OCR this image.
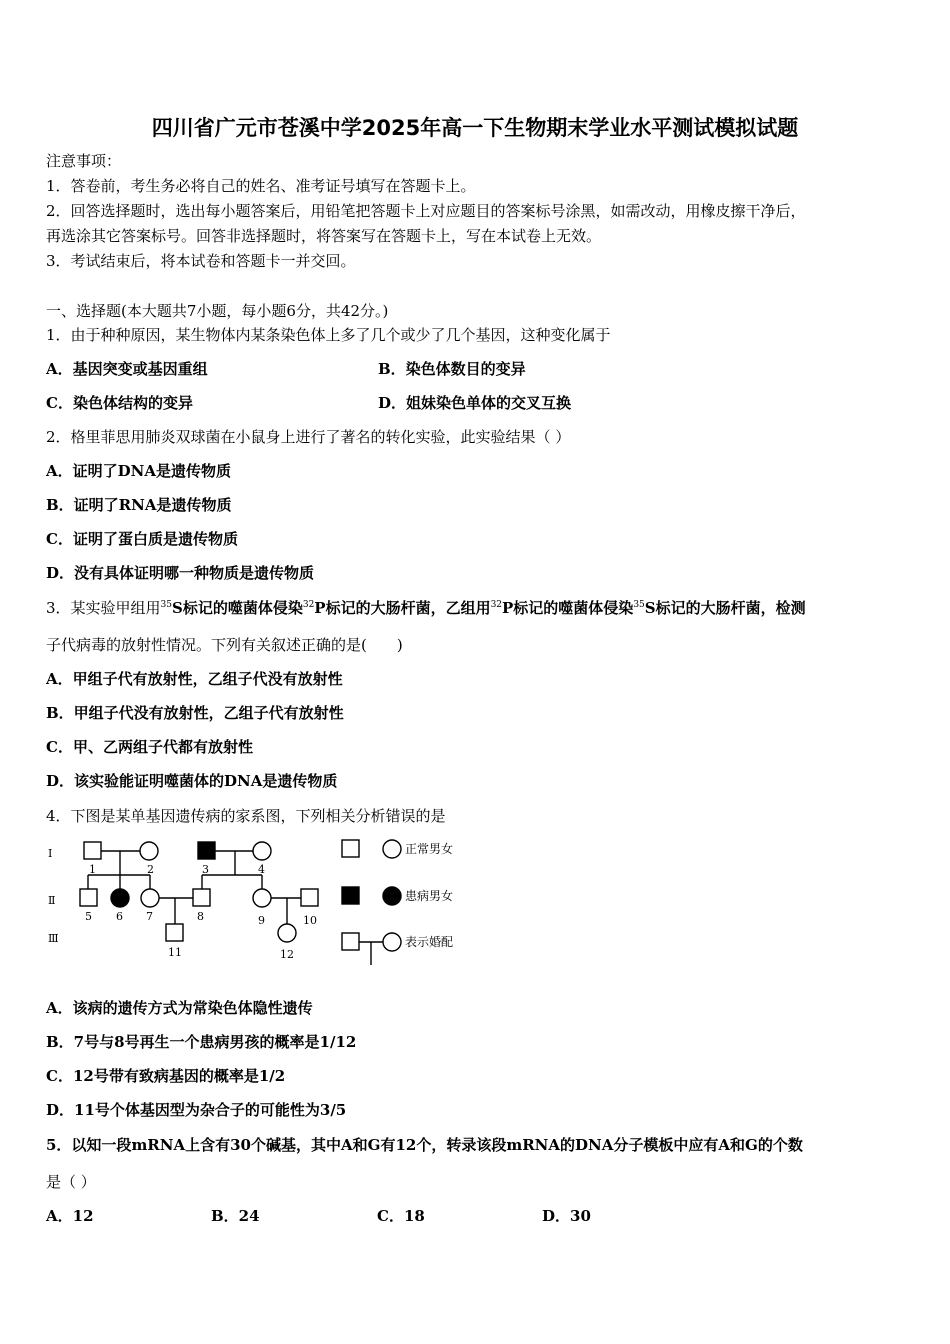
四川省广元市苍溪中学2025年高一下生物期末学业水平测试模拟试题
注意事项：
1．答卷前，考生务必将自己的姓名、准考证号填写在答题卡上。
2．回答选择题时，选出每小题答案后，用铅笔把答题卡上对应题目的答案标号涂黑，如需改动，用橡皮擦干净后，
再选涂其它答案标号。回答非选择题时，将答案写在答题卡上，写在本试卷上无效。
3．考试结束后，将本试卷和答题卡一并交回。
一、选择题(本大题共7小题，每小题6分，共42分。)
1．由于种种原因，某生物体内某条染色体上多了几个或少了几个基因，这种变化属于
A．基因突变或基因重组	B．染色体数目的变异
C．染色体结构的变异	D．姐妹染色单体的交叉互换
2．格里菲思用肺炎双球菌在小鼠身上进行了著名的转化实验，此实验结果（ ）
A．证明了DNA是遗传物质
B．证明了RNA是遗传物质
C．证明了蛋白质是遗传物质
D．没有具体证明哪一种物质是遗传物质
3．某实验甲组用$^{35}$S标记的噬菌体侵染$^{32}$P标记的大肠杆菌，乙组用$^{32}$P标记的噬菌体侵染$^{35}$S标记的大肠杆菌，检测
子代病毒的放射性情况。下列有关叙述正确的是(　　)
A．甲组子代有放射性，乙组子代没有放射性
B．甲组子代没有放射性，乙组子代有放射性
C．甲、乙两组子代都有放射性
D．该实验能证明噬菌体的DNA是遗传物质
4．下图是某单基因遗传病的家系图，下列相关分析错误的是
Ⅰ
Ⅱ
Ⅲ
1	2	3	4
5 6 7	8	9	10
11	12
正常男女
患病男女
表示婚配
A．该病的遗传方式为常染色体隐性遗传
B．7号与8号再生一个患病男孩的概率是1/12
C．12号带有致病基因的概率是1/2
D．11号个体基因型为杂合子的可能性为3/5
5．以知一段mRNA上含有30个碱基，其中A和G有12个，转录该段mRNA的DNA分子模板中应有A和G的个数
是（ ）
A．12	B．24	C．18	D．30
